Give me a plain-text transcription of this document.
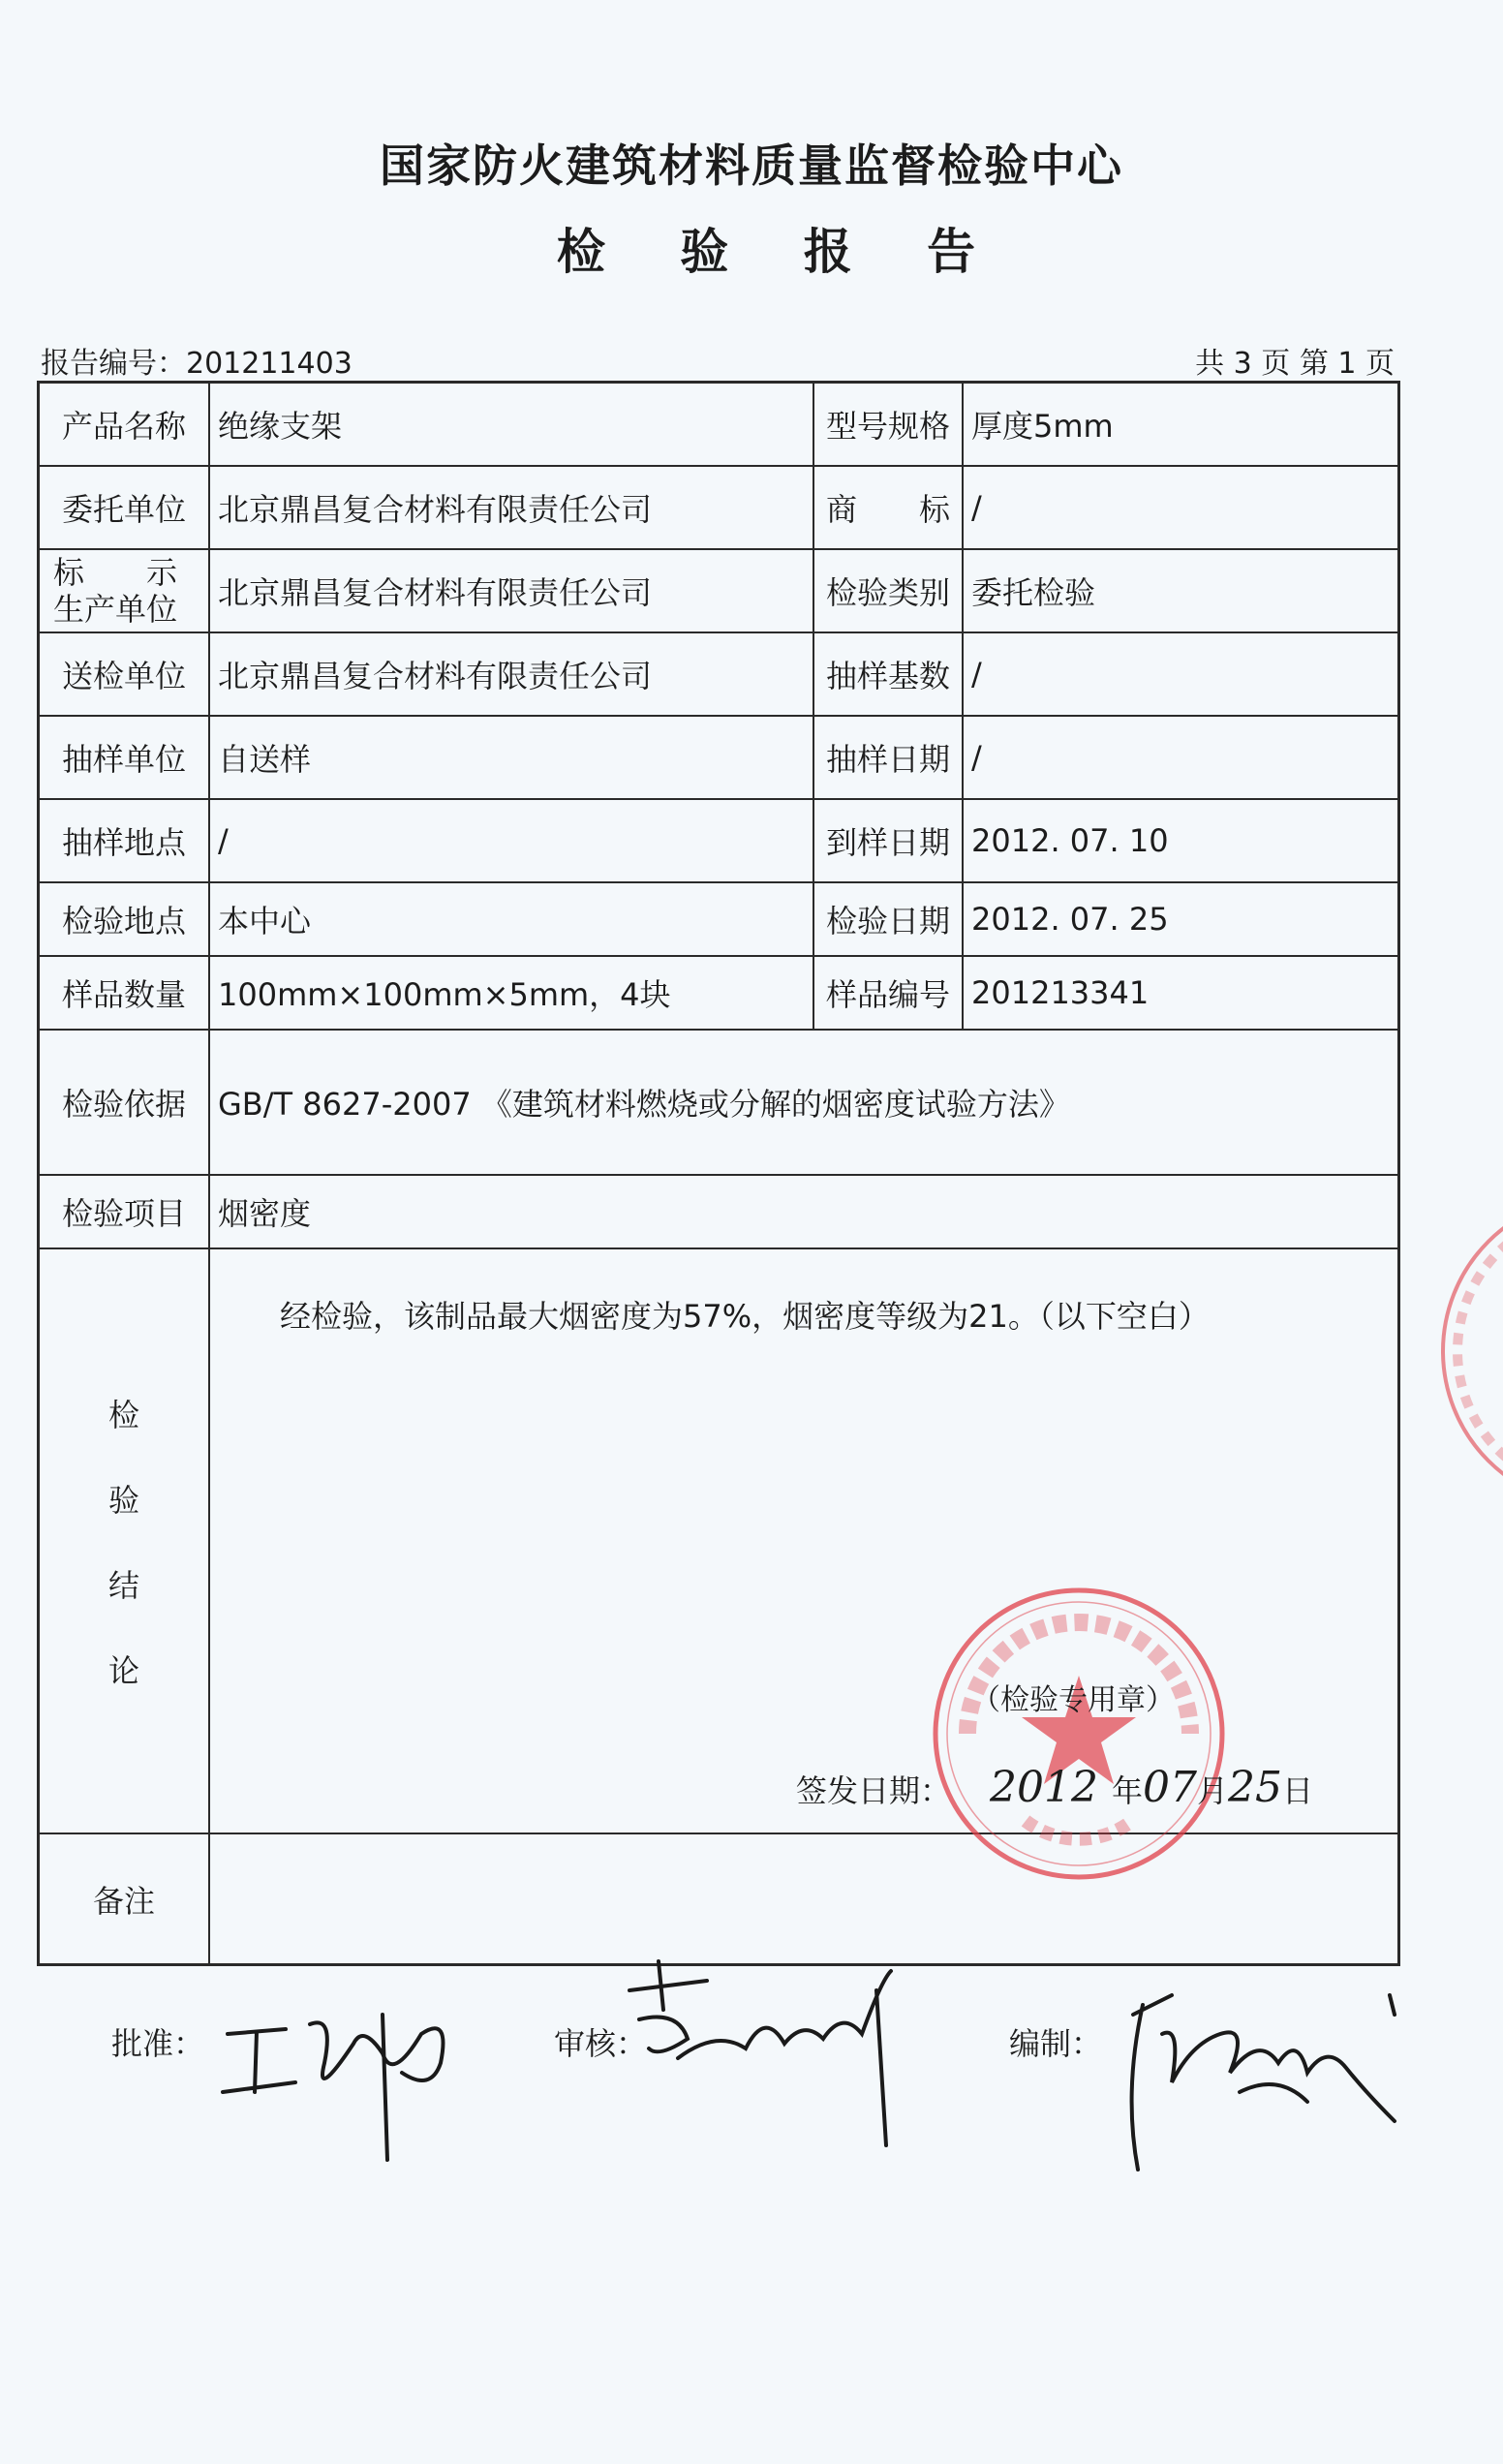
国家防火建筑材料质量监督检验中心
检 验 报 告
报告编号：201211403	共 3 页 第 1 页
产品名称	绝缘支架	型号规格 厚度5mm
委托单位	北京鼎昌复合材料有限责任公司	商　　标 /
标　　示
生产单位	北京鼎昌复合材料有限责任公司	检验类别 委托检验
送检单位	北京鼎昌复合材料有限责任公司	抽样基数 /
抽样单位	自送样	抽样日期 /
抽样地点	/	到样日期 2012. 07. 10
检验地点	本中心	检验日期 2012. 07. 25
样品数量	100mm×100mm×5mm，4块	样品编号 201213341
检验依据	GB/T 8627-2007 《建筑材料燃烧或分解的烟密度试验方法》
检验项目	烟密度
检
验
结
论
经检验，该制品最大烟密度为57%，烟密度等级为21。（以下空白）
（检验专用章）
签发日期： 2012 年07月25日
备注
批准：	审核：	编制：
